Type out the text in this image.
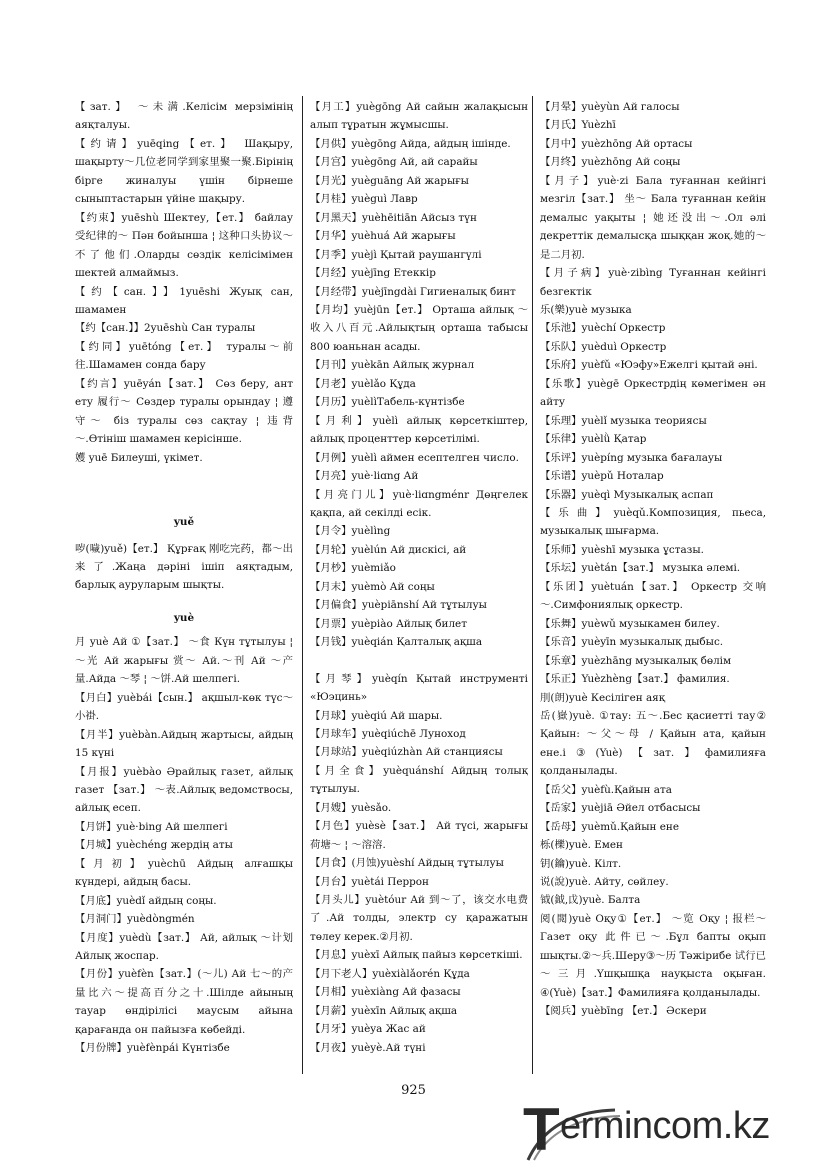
【зат.】 ～未满.Келісім мерзімінің аяқталуы.

【约请】yuēqing【ет.】 Шақыру, шақырту～几位老同学到家里聚一聚.Бірінің бірге жиналуы үшін бірнеше сыныптастарын үйіне шақыру.

【约束】yuēshù Шектеу,【ет.】 байлау 受纪律的～ Пән бойынша ¦ 这种口头协议～不了他们.Оларды сөздік келісімімен шектей алмаймыз.

【约【сан.】】1yuēshi Жуық сан, шамамен

【约【сан.】】2yuēshù Сан туралы

【约同】yuētóng【ет.】 туралы～前往.Шамамен сонда бару

【约言】yuēyán【зат.】 Сөз беру, ант ету 履行～ Сөздер туралы орындау ¦ 遵守～ біз туралы сөз сақтау ¦ 违背～.Өтініш шамамен керісінше.

嬳 yuē Билеуші, үкімет.

yuě

哕(噦)yuě)【ет.】 Құрғақ 刚吃完药，都～出来了.Жаңа дәріні ішіп аяқтадым, барлық ауруларым шықты.

yuè

月 yuè Ай ①【зат.】 ～食 Күн тұтылуы ¦ ～光 Ай жарығы 赏～ Ай.～刊 Ай ～产量.Айда ～琴 ¦ ～饼.Ай шелпегі.

【月白】yuèbái【сын.】 ақшыл-көк түс～小褂.

【月半】yuèbàn.Айдың жартысы, айдың 15 күні

【月报】yuèbào Әрайлық газет, айлық газет 【зат.】 ～表.Айлық ведомствосы, айлық есеп.

【月饼】yuè·bing Ай шелпегі

【月城】yuèchéng жердің аты

【月初】yuèchū Айдың алғашқы күндері, айдың басы.

【月底】yuèdǐ айдың соңы.

【月洞门】yuèdòngmén

【月度】yuèdù【зат.】 Ай, айлық ～计划 Айлық жоспар.

【月份】yuèfèn【зат.】(～儿) Ай 七～的产量比六～提高百分之十.Шілде айының тауар өндірілісі маусым айына қарағанда он пайызға көбейді.

【月份牌】yuèfènpái Күнтізбе

【月工】yuègōng Ай сайын жалақысын алып тұратын жұмысшы.

【月供】yuègōng Айда, айдың ішінде.

【月宫】yuègōng Ай, ай сарайы

【月光】yuèguāng Ай жарығы

【月桂】yuèguì Лавр

【月黑天】yuèhēitiān Айсыз түн

【月华】yuèhuá Ай жарығы

【月季】yuèjì Қытай раушангүлі

【月经】yuèjīng Етеккір

【月经带】yuèjīngdài Гигиеналық бинт

【月均】yuèjūn【ет.】 Орташа айлық ～收入八百元.Айлықтың орташа табысы 800 юаньнан асады.

【月刊】yuèkān Айлық журнал

【月老】yuèlǎo Құда

【月历】yuèlìТабель-күнтізбе

【月利】yuèlì айлық көрсеткіштер, айлық проценттер көрсетілімі.

【月例】yuèlì аймен есептелген число.

【月亮】yuè·liɑng Ай

【月亮门儿】yuè·liɑngménr Дөңгелек қақпа, ай секілді есік.

【月令】yuèlìng

【月轮】yuèlún Ай дискісі, ай

【月杪】yuèmiǎo

【月末】yuèmò Ай соңы

【月偏食】yuèpiānshí Ай тұтылуы

【月票】yuèpiào Айлық билет

【月钱】yuèqián Қалталық ақша

【月琴】yuèqín Қытай инструменті «Юэцинь»

【月球】yuèqiú Ай шары.

【月球车】yuèqiúchē Луноход

【月球站】yuèqiúzhàn Ай станциясы

【月全食】yuèquánshí Айдың толық тұтылуы.

【月嫂】yuèsǎo.

【月色】yuèsè【зат.】 Ай түсі, жарығы 荷塘～ ¦ ～溶溶.

【月食】(月蚀)yuèshí Айдың тұтылуы

【月台】yuètái Перрон

【月头儿】yuètóur Ай 到～了，该交水电费了.Ай толды, электр су қаражатын төлеу керек.②月初.

【月息】yuèxī Айлық пайыз көрсеткіші.

【月下老人】yuèxiàlǎorén Құда

【月相】yuèxiàng Ай фазасы

【月薪】yuèxīn Айлық ақша

【月牙】yuèya Жас ай

【月夜】yuèyè.Ай түні

【月晕】yuèyùn Ай галосы

【月氏】Yuèzhī

【月中】yuèzhōng Ай ортасы

【月终】yuèzhōng Ай соңы

【月子】yuè·zi Бала туғаннан кейінгі мезгіл【зат.】 坐～ Бала туғаннан кейін демалыс уақыты ¦ 她还没出～.Ол әлі декреттік демалысқа шыққан жоқ.她的～是二月初.

【月子病】yuè·zibìng Туғаннан кейінгі безгектік

乐(樂)yuè музыка

【乐池】yuèchí Оркестр

【乐队】yuèduì Оркестр

【乐府】yuèfǔ «Юэфу»Ежелгі қытай әні.

【乐歌】yuègē Оркестрдің көмегімен ән айту

【乐理】yuèlǐ музыка теориясы

【乐律】yuèlǜ Қатар

【乐评】yuèpíng музыка бағалауы

【乐谱】yuèpǔ Ноталар

【乐器】yuèqì Музыкалық аспап

【乐曲】yuèqǔ.Композиция, пьеса, музыкалық шығарма.

【乐师】yuèshī музыка ұстазы.

【乐坛】yuètán【зат.】 музыка әлемі.

【乐团】yuètuán【зат.】 Оркестр 交响～.Симфониялық оркестр.

【乐舞】yuèwǔ музыкамен билеу.

【乐音】yuèyīn музыкалық дыбыс.

【乐章】yuèzhāng музыкалық бөлім

【乐正】Yuèzhèng【зат.】 фамилия.

刖(朗)yuè Кесіліген аяқ

岳(嶽)yuè. ①тау: 五～.Бес қасиетті тау② Қайын: ～父～母 / Қайын ата, қайын ене.i③(Yuè)【зат.】фамилияға қолданылады.

【岳父】yuèfù.Қайын ата

【岳家】yuèjiā Әйел отбасысы

【岳母】yuèmǔ.Қайын ене

栎(櫟)yuè. Емен

钥(鑰)yuè. Кілт.

说(說)yuè. Айту, сөйлеу.

钺(鉞,戉)yuè. Балта

阅(閲)yuè Оқу①【ет.】 ～览 Оқу ¦ 报栏～Газет оқу 此件已～.Бұл бапты оқып шықты.②～兵.Шеру③～历 Тәжірибе 试行已～三月.Үшқышқа науқыста оқыған. ④(Yuè)【зат.】Фамилияға қолданылады.

【阅兵】yuèbīng 【ет.】 Әскери

925
T ermincom.kz
